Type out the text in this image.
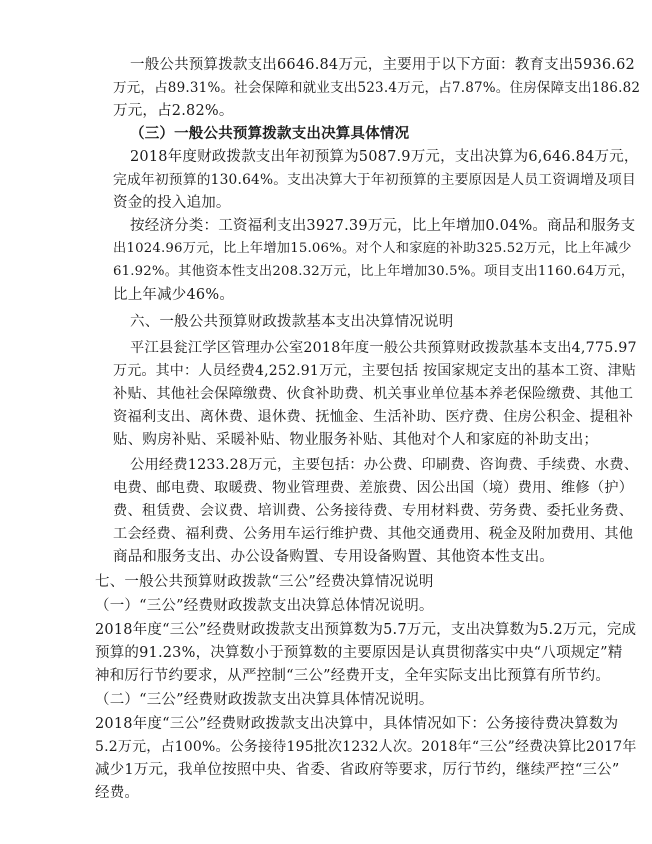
一般公共预算拨款支出6646.84万元，主要用于以下方面：教育支出5936.62
万元，占89.31%。社会保障和就业支出523.4万元，占7.87%。住房保障支出186.82
万元，占2.82%。
（三）一般公共预算拨款支出决算具体情况
2018年度财政拨款支出年初预算为5087.9万元，支出决算为6,646.84万元，
完成年初预算的130.64%。支出决算大于年初预算的主要原因是人员工资调增及项目
资金的投入追加。
按经济分类：工资福利支出3927.39万元，比上年增加0.04%。商品和服务支
出1024.96万元，比上年增加15.06%。对个人和家庭的补助325.52万元，比上年减少
61.92%。其他资本性支出208.32万元，比上年增加30.5%。项目支出1160.64万元，
比上年减少46%。
六、一般公共预算财政拨款基本支出决算情况说明
平江县瓮江学区管理办公室2018年度一般公共预算财政拨款基本支出4,775.97
万元。其中：人员经费4,252.91万元，主要包括 按国家规定支出的基本工资、津贴
补贴、其他社会保障缴费、伙食补助费、机关事业单位基本养老保险缴费、其他工
资福利支出、离休费、退休费、抚恤金、生活补助、医疗费、住房公积金、提租补
贴、购房补贴、采暖补贴、物业服务补贴、其他对个人和家庭的补助支出；
公用经费1233.28万元，主要包括：办公费、印刷费、咨询费、手续费、水费、
电费、邮电费、取暖费、物业管理费、差旅费、因公出国（境）费用、维修（护）
费、租赁费、会议费、培训费、公务接待费、专用材料费、劳务费、委托业务费、
工会经费、福利费、公务用车运行维护费、其他交通费用、税金及附加费用、其他
商品和服务支出、办公设备购置、专用设备购置、其他资本性支出。
七、一般公共预算财政拨款“三公”经费决算情况说明
（一）“三公”经费财政拨款支出决算总体情况说明。
2018年度“三公”经费财政拨款支出预算数为5.7万元，支出决算数为5.2万元，完成
预算的91.23%，决算数小于预算数的主要原因是认真贯彻落实中央“八项规定”精
神和厉行节约要求，从严控制“三公”经费开支，全年实际支出比预算有所节约。
（二）“三公”经费财政拨款支出决算具体情况说明。
2018年度“三公”经费财政拨款支出决算中，具体情况如下：公务接待费决算数为
5.2万元，占100%。公务接待195批次1232人次。2018年“三公”经费决算比2017年
减少1万元，我单位按照中央、省委、省政府等要求，厉行节约，继续严控“三公”
经费。
